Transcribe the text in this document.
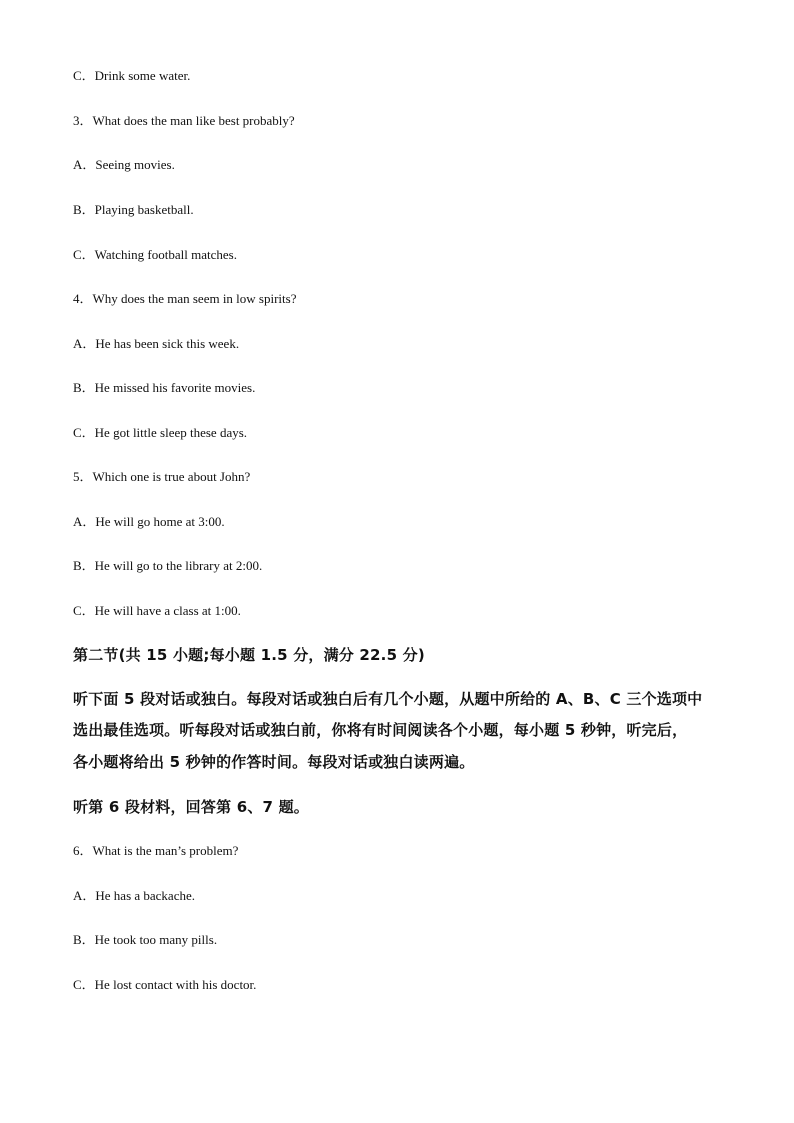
C．Drink some water.
3．What does the man like best probably?
A．Seeing movies.
B．Playing basketball.
C．Watching football matches.
4．Why does the man seem in low spirits?
A．He has been sick this week.
B．He missed his favorite movies.
C．He got little sleep these days.
5．Which one is true about John?
A．He will go home at 3:00.
B．He will go to the library at 2:00.
C．He will have a class at 1:00.
第二节(共 15 小题;每小题 1.5 分，满分 22.5 分)
听下面 5 段对话或独白。每段对话或独白后有几个小题，从题中所给的 A、B、C 三个选项中
选出最佳选项。听每段对话或独白前，你将有时间阅读各个小题，每小题 5 秒钟，听完后，
各小题将给出 5 秒钟的作答时间。每段对话或独白读两遍。
听第 6 段材料，回答第 6、7 题。
6．What is the man’s problem?
A．He has a backache.
B．He took too many pills.
C．He lost contact with his doctor.
